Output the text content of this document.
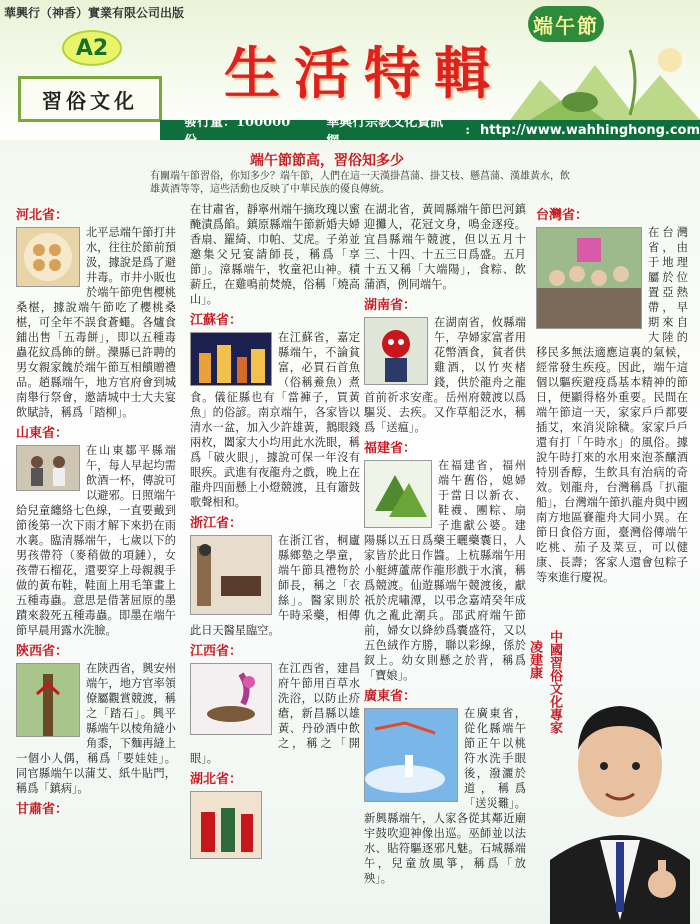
華興行（神香）實業有限公司出版
A2
習俗文化 生活特輯
端午節
發行量：100000	華興行宗教文化資訊	: http://www.wahhinghong.com
端午節節高，習俗知多少
有關端午節習俗，你知多少？端午節，人們在這一天漢掛菖蒲、掛艾枝、懸菖蒲、漢雄黃水，飲雄黃酒等等，這些活動也反映了中華民族的優良傳統。
河北省：

北平忌端午節打井水，往往於節前預汲，據說是爲了避井毒。市井小販也於端午節兜售櫻桃桑椹，據說端午節吃了櫻桃桑椹，可全年不誤食蒼蠅。各爐食鋪出售「五毒餅」，即以五種毒蟲花紋爲飾的餅。灤縣已許聘的男女親家餽於端午節互相饋贈禮品。趙縣端午，地方官府會到城南舉行祭會，邀請城中士大夫宴飲賦詩，稱爲「踏柳」。

山東省：

在山東鄒平縣端午，每人早起均需飲酒一杯，傳說可以避邪。日照端午給兒童纏絡七色線，一直要戴到節後第一次下雨才解下來扔在雨水裏。臨清縣端午，七歲以下的男孩帶符（麥稍做的項鏈），女孩帶石榴花，還要穿上母親親手做的黃布鞋，鞋面上用毛筆畫上五種毒蟲。意思是借著屈原的墨蹟來殺死五種毒蟲。即墨在端午節早晨用露水洗臉。

陝西省：

在陝西省，興安州端午，地方官率領僚屬觀賞競渡，稱之「踏石」。興平縣端午以棱角縫小角黍，下麵再縫上一個小人偶，稱爲「要娃娃」。同官縣端午以蒲艾、紙牛貼門，稱爲「鎮病」。

甘肅省：

在甘肅省，靜寧州端午摘玫瑰以蜜醃漬爲餡。鎮原縣端午節新婚夫婦香扇、羅綺、巾帕、艾虎。子弟並邀集父兄宴請師長，稱爲「享節」。漳縣端午，牧童祀山神。積薪丘，在雞鳴前焚燒，俗稱「燒高山」。

江蘇省：

在江蘇省，嘉定縣端午，不論貧富，必買石首魚（俗稱鯗魚）煮食。儀征縣也有「當褲子，買黃魚」的俗諺。南京端午，各家皆以清水一盆，加入少許雄黃，鵝眼錢兩枚，闔家大小均用此水洗眼，稱爲「破火眼」，據說可保一年沒有眼疾。武進有夜龍舟之戲，晚上在龍舟四面懸上小燈競渡，且有簫鼓歌聲相和。

浙江省：

在浙江省，桐廬縣鄉塾之學童，端午節具禮物於師長，稱之「衣絲」。醫家則於午時采藥，相傳此日天醫星臨空。

江西省：

在江西省，建昌府午節用百草水洗浴，以防止疥瘡，新昌縣以雄黃、丹砂酒中飲之，稱之「開眼」。

湖北省：

在湖北省，黃岡縣端午節巴河鎮迎攤人，花冠文身，鳴金逐疫。宜昌縣端午競渡，但以五月十三、十四、十五三日爲盛。五月十五又稱「大端陽」，食粽、飲蒲酒，例同端午。

湖南省：

在湖南省，攸縣端午，孕婦家富者用花幣酒食，貧者供雞酒，以竹夾楮錢，供於龍舟之龍首前祈求安產。岳州府競渡以爲驅災、去疾。又作草船泛水，稱爲「送瘟」。

福建省：

在福建省，福州端午舊俗，媳婦于當日以新衣、鞋襪、團粽、扇子進獻公婆。建陽縣以五日爲藥王曬藥囊日，人家皆於此日作醬。上杭縣端午用小艇縛蘆蓆作龍形戲于水濱，稱爲競渡。仙遊縣端午競渡後，獻祇於虎嘯潭，以弔念嘉靖癸年成仇之亂此潮兵。邵武府端午節前，婦女以絳紗爲囊盛符，又以五色絨作方勝，聯以彩線，係於釵上。幼女則懸之於背，稱爲「寶娘」。

廣東省：

在廣東省，從化縣端午節正午以桃符水洗手眼後，潑灑於道，稱爲「送災難」。新興縣端午，人家各從其鄰近廟宇鼓吹迎神像出巡。巫師並以法水、貼符驅逐邪凡魅。石城縣端午，兒童放風箏，稱爲「放殃」。

台灣省：

在台灣省，由于地理屬於位置亞熱帶，早期來自大陸的移民多無法適應這裏的氣候，經常發生疾疫。因此，端午這個以驅疾避疫爲基本精神的節日，便顯得格外重要。民間在端午節這一天，家家戶戶都要插艾，來消災除穢。家家戶戶還有打「午時水」的風俗。據說午時打來的水用來泡茶釀酒特別香醇，生飲具有治病的奇效。划龍舟，台灣稱爲「扒龍船」，台灣端午節扒龍舟與中國南方地區賽龍舟大同小異。在節日食俗方面，臺灣俗傳端午吃桃、茄子及菜豆，可以健康、長壽；客家人還會包粽子等來進行慶祝。

中國習俗文化專家
凌建康
